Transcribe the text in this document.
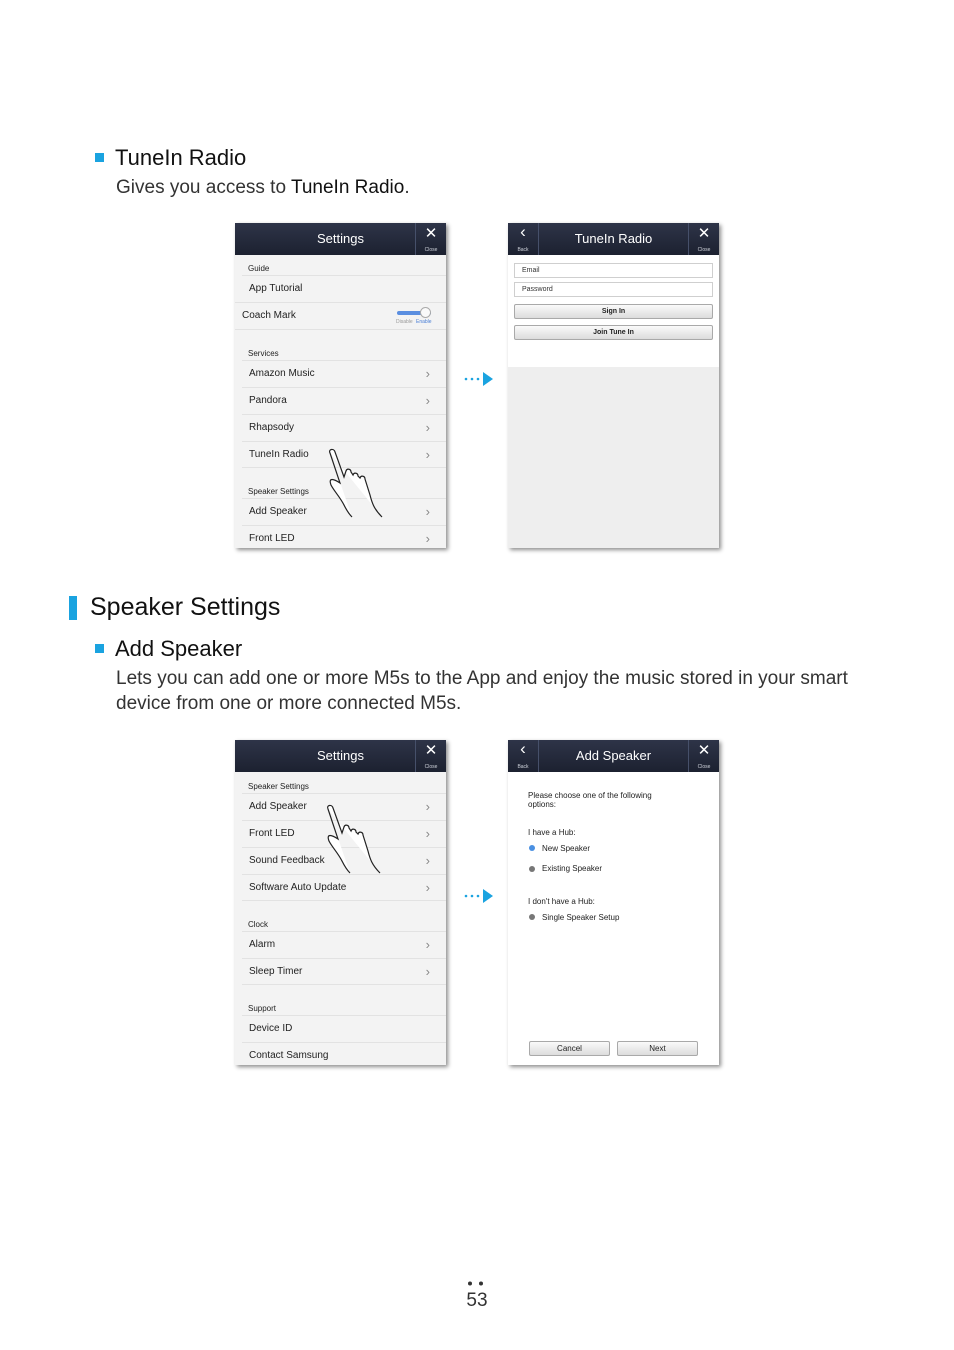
TuneIn Radio
Gives you access to TuneIn Radio.
Settings	✕
Close
Guide
App Tutorial
Coach Mark
Disable Enable
Services
Amazon Music	›
Pandora	›
Rhapsody	›
TuneIn Radio	›
Speaker Settings
Add Speaker	›
Front LED	›
‹
Back
TuneIn Radio	✕
Close
Email
Password
Sign In
Join Tune In
Speaker Settings
Add Speaker
Lets you can add one or more M5s to the App and enjoy the music stored in your smart
device from one or more connected M5s.
Settings	✕
Close
Speaker Settings
Add Speaker	›
Front LED	›
Sound Feedback	›
Software Auto Update	›
Clock
Alarm	›
Sleep Timer	›
Support
Device ID
Contact Samsung
‹
Back
Add Speaker	✕
Close
Please choose one of the following
options:
I have a Hub:
New Speaker
Existing Speaker
I don't have a Hub:
Single Speaker Setup
Cancel	Next
53
